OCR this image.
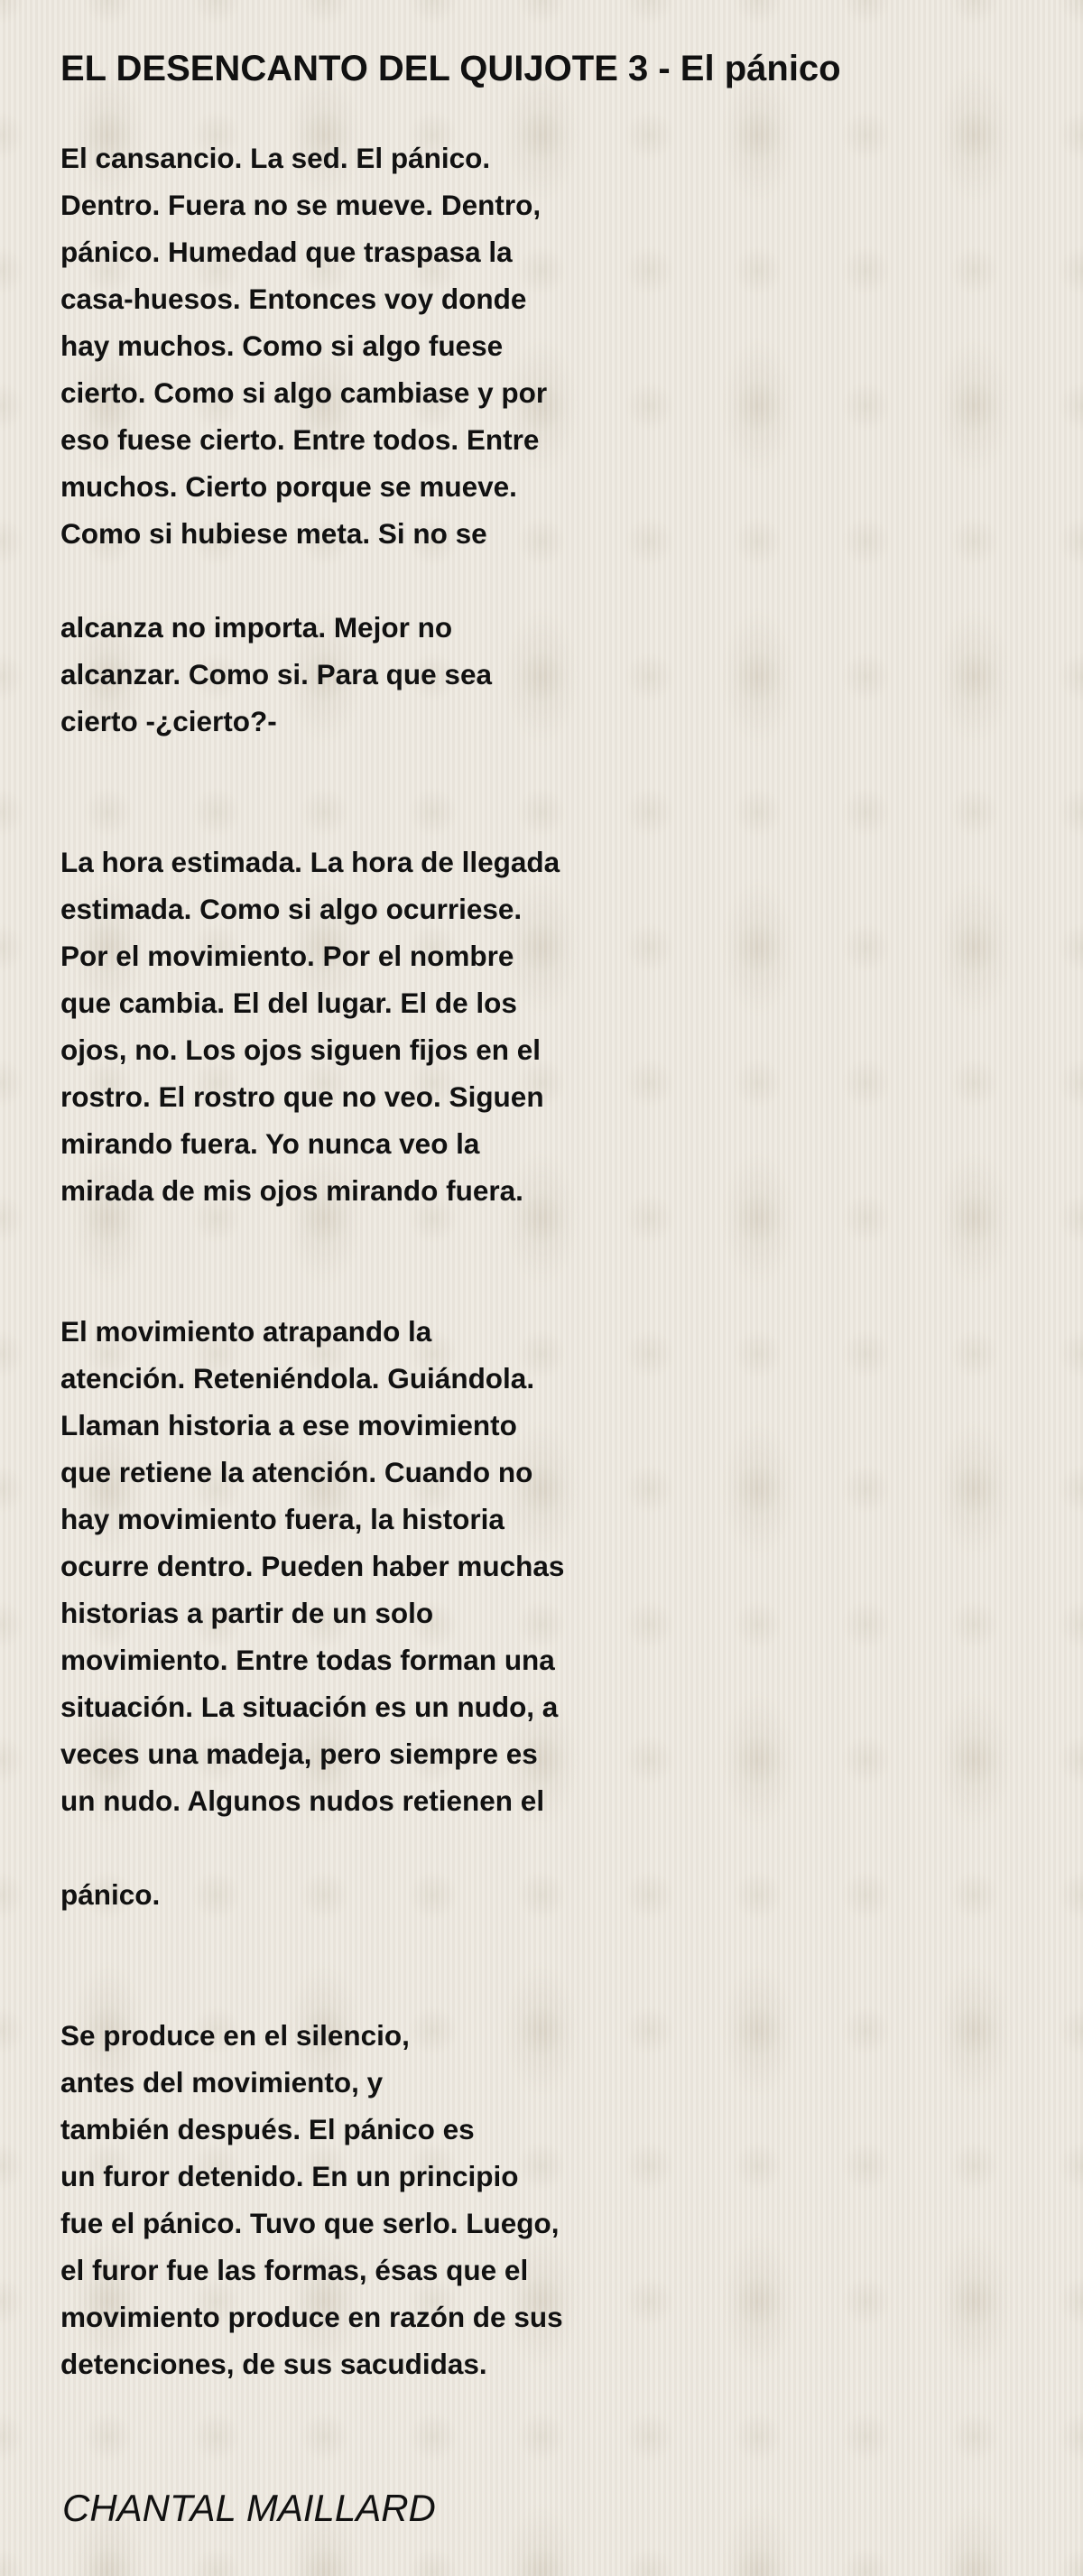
EL DESENCANTO DEL QUIJOTE 3 - El pánico
El cansancio. La sed. El pánico.
Dentro. Fuera no se mueve. Dentro,
pánico. Humedad que traspasa la
casa-huesos. Entonces voy donde
hay muchos. Como si algo fuese
cierto. Como si algo cambiase y por
eso fuese cierto. Entre todos. Entre
muchos. Cierto porque se mueve.
Como si hubiese meta. Si no se

alcanza no importa. Mejor no
alcanzar. Como si. Para que sea
cierto -¿cierto?-

La hora estimada. La hora de llegada
estimada. Como si algo ocurriese.
Por el movimiento. Por el nombre
que cambia. El del lugar. El de los
ojos, no. Los ojos siguen fijos en el
rostro. El rostro que no veo. Siguen
mirando fuera. Yo nunca veo la
mirada de mis ojos mirando fuera.

El movimiento atrapando la
atención. Reteniéndola. Guiándola.
Llaman historia a ese movimiento
que retiene la atención. Cuando no
hay movimiento fuera, la historia
ocurre dentro. Pueden haber muchas
historias a partir de un solo
movimiento. Entre todas forman una
situación. La situación es un nudo, a
veces una madeja, pero siempre es
un nudo. Algunos nudos retienen el

pánico.

Se produce en el silencio,
antes del movimiento, y
también después. El pánico es
un furor detenido. En un principio
fue el pánico. Tuvo que serlo. Luego,
el furor fue las formas, ésas que el
movimiento produce en razón de sus
detenciones, de sus sacudidas.
CHANTAL MAILLARD
